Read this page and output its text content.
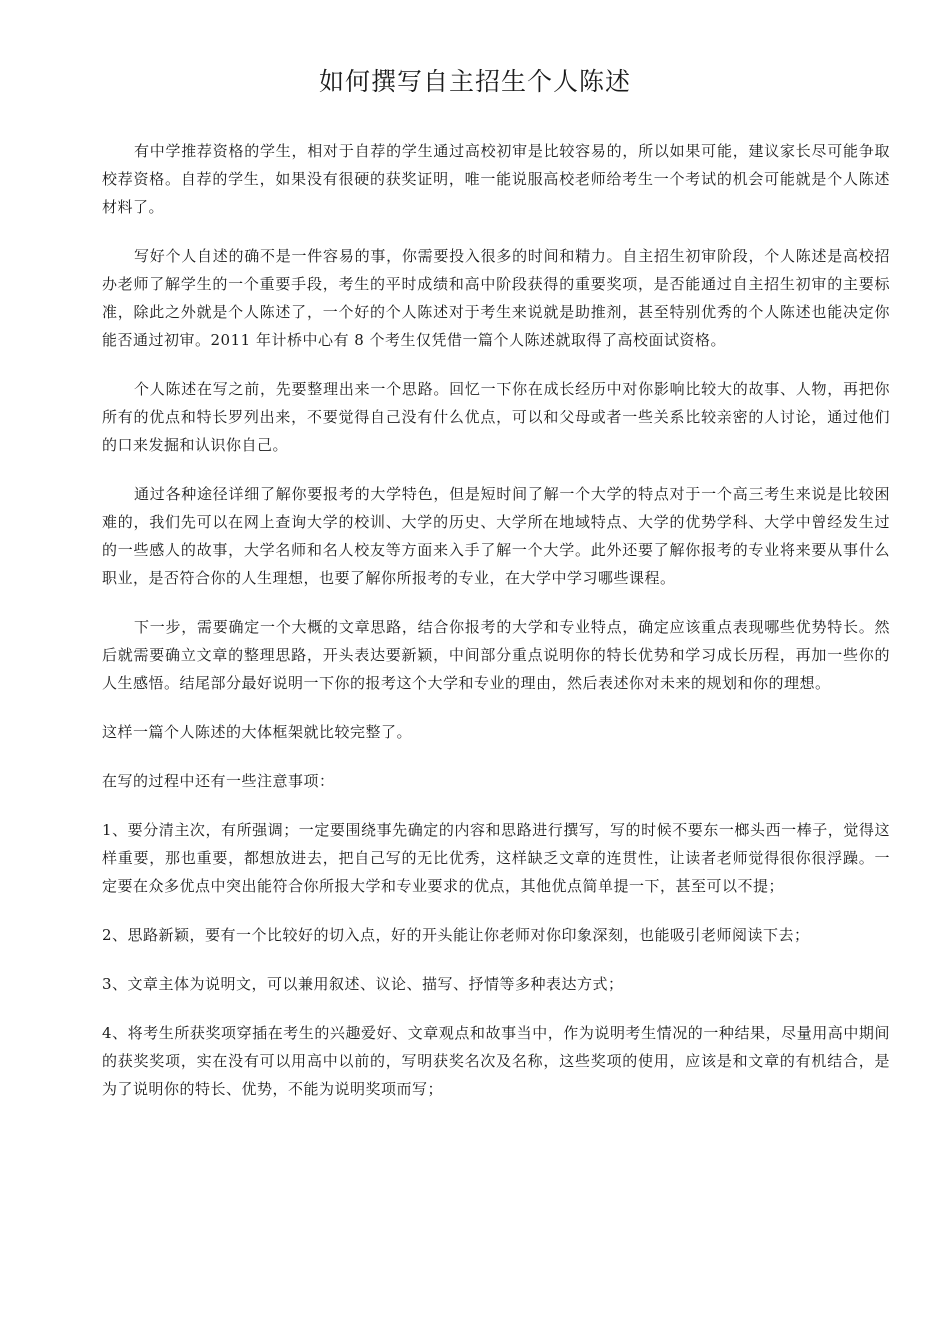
如何撰写自主招生个人陈述

有中学推荐资格的学生，相对于自荐的学生通过高校初审是比较容易的，所以如果可能，建议家长尽可能争取校荐资格。自荐的学生，如果没有很硬的获奖证明，唯一能说服高校老师给考生一个考试的机会可能就是个人陈述材料了。

写好个人自述的确不是一件容易的事，你需要投入很多的时间和精力。自主招生初审阶段，个人陈述是高校招办老师了解学生的一个重要手段，考生的平时成绩和高中阶段获得的重要奖项，是否能通过自主招生初审的主要标准，除此之外就是个人陈述了，一个好的个人陈述对于考生来说就是助推剂，甚至特别优秀的个人陈述也能决定你能否通过初审。2011 年计桥中心有 8 个考生仅凭借一篇个人陈述就取得了高校面试资格。

个人陈述在写之前，先要整理出来一个思路。回忆一下你在成长经历中对你影响比较大的故事、人物，再把你所有的优点和特长罗列出来，不要觉得自己没有什么优点，可以和父母或者一些关系比较亲密的人讨论，通过他们的口来发掘和认识你自己。

通过各种途径详细了解你要报考的大学特色，但是短时间了解一个大学的特点对于一个高三考生来说是比较困难的，我们先可以在网上查询大学的校训、大学的历史、大学所在地域特点、大学的优势学科、大学中曾经发生过的一些感人的故事，大学名师和名人校友等方面来入手了解一个大学。此外还要了解你报考的专业将来要从事什么职业，是否符合你的人生理想，也要了解你所报考的专业，在大学中学习哪些课程。

下一步，需要确定一个大概的文章思路，结合你报考的大学和专业特点，确定应该重点表现哪些优势特长。然后就需要确立文章的整理思路，开头表达要新颖，中间部分重点说明你的特长优势和学习成长历程，再加一些你的人生感悟。结尾部分最好说明一下你的报考这个大学和专业的理由，然后表述你对未来的规划和你的理想。

这样一篇个人陈述的大体框架就比较完整了。

在写的过程中还有一些注意事项：

1、要分清主次，有所强调；一定要围绕事先确定的内容和思路进行撰写，写的时候不要东一榔头西一棒子，觉得这样重要，那也重要，都想放进去，把自己写的无比优秀，这样缺乏文章的连贯性，让读者老师觉得很你很浮躁。一定要在众多优点中突出能符合你所报大学和专业要求的优点，其他优点简单提一下，甚至可以不提；

2、思路新颖，要有一个比较好的切入点，好的开头能让你老师对你印象深刻，也能吸引老师阅读下去；

3、文章主体为说明文，可以兼用叙述、议论、描写、抒情等多种表达方式；

4、将考生所获奖项穿插在考生的兴趣爱好、文章观点和故事当中，作为说明考生情况的一种结果，尽量用高中期间的获奖奖项，实在没有可以用高中以前的，写明获奖名次及名称，这些奖项的使用，应该是和文章的有机结合，是为了说明你的特长、优势，不能为说明奖项而写；
